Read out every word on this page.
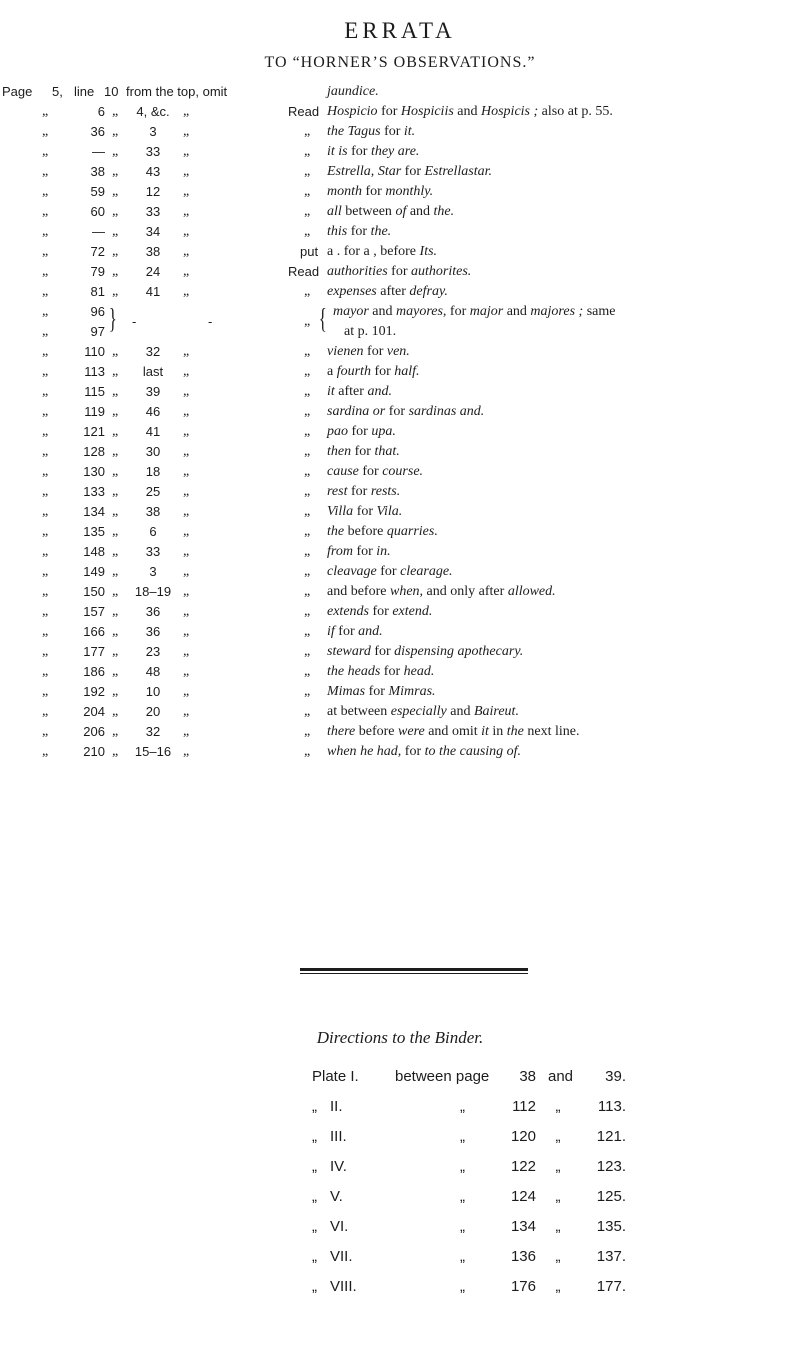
ERRATA
TO “HORNER’S OBSERVATIONS.”
Page 5, line 10 from the top, omit	jaundice.
„	6 „	4, &c. „	Read Hospicio for Hospiciis and Hospicis ; also at p. 55.
„	36 „	3	„	„ the Tagus for it.
„	— „	33	„	„ it is for they are.
„	38 „	43	„	„ Estrella, Star for Estrellastar.
„	59 „	12	„	„ month for monthly.
„	60 „	33	„	„ all between of and the.
„	— „	34	„	„ this for the.
„	72 „	38	„	put a . for a , before Its.
„	79 „	24	„	Read authorities for authorites.
„	81 „	41	„	„ expenses after defray.
„	96 } -	-	„ { mayor and mayores, for major and majores ; same
„	97	at p. 101.
„	110 „	32	„	„ vienen for ven.
„	113 „	last	„	„ a fourth for half.
„	115 „	39	„	„ it after and.
„	119 „	46	„	„ sardina or for sardinas and.
„	121 „	41	„	„ pao for upa.
„	128 „	30	„	„ then for that.
„	130 „	18	„	„ cause for course.
„	133 „	25	„	„ rest for rests.
„	134 „	38	„	„ Villa for Vila.
„	135 „	6	„	„ the before quarries.
„	148 „	33	„	„ from for in.
„	149 „	3	„	„ cleavage for clearage.
„	150 „	18–19 „	„ and before when, and only after allowed.
„	157 „	36	„	„ extends for extend.
„	166 „	36	„	„ if for and.
„	177 „	23	„	„ steward for dispensing apothecary.
„	186 „	48	„	„ the heads for head.
„	192 „	10	„	„ Mimas for Mimras.
„	204 „	20	„	„ at between especially and Baireut.
„	206 „	32	„	„ there before were and omit it in the next line.
„	210 „	15–16 „	„ when he had, for to the causing of.
Directions to the Binder.
Plate I. between page	38 and	39.
„ II.	„	112	„	113.
„ III.	„	120	„	121.
„ IV.	„	122	„	123.
„ V.	„	124	„	125.
„ VI.	„	134	„	135.
„ VII.	„	136	„	137.
„ VIII.	„	176	„	177.
